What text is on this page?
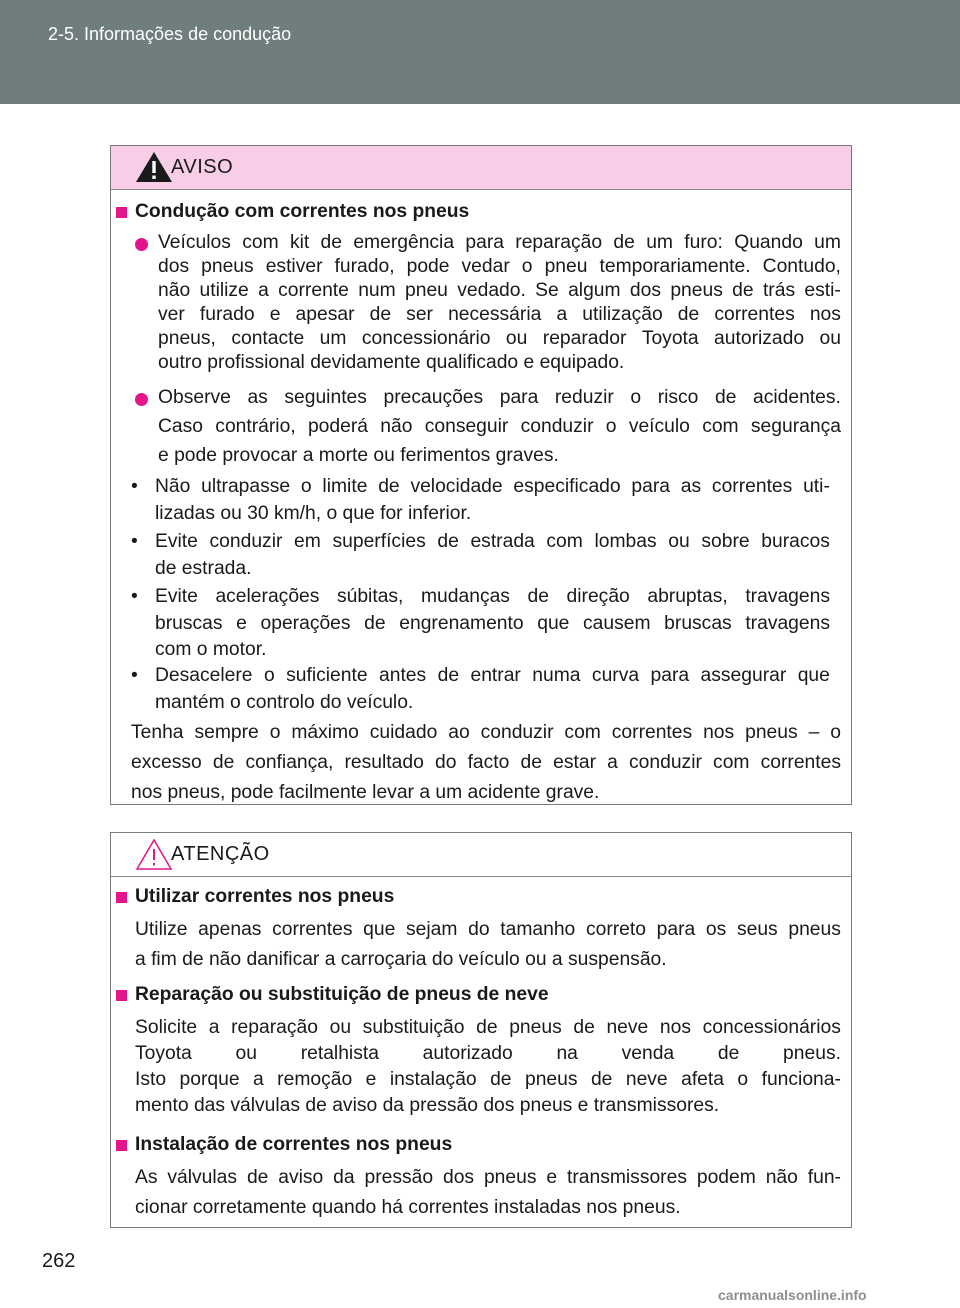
2-5. Informações de condução
AVISO
Condução com correntes nos pneus
Veículos com kit de emergência para reparação de um furo: Quando um
dos pneus estiver furado, pode vedar o pneu temporariamente. Contudo,
não utilize a corrente num pneu vedado. Se algum dos pneus de trás esti-
ver furado e apesar de ser necessária a utilização de correntes nos
pneus, contacte um concessionário ou reparador Toyota autorizado ou
outro profissional devidamente qualificado e equipado.
Observe as seguintes precauções para reduzir o risco de acidentes.
Caso contrário, poderá não conseguir conduzir o veículo com segurança
e pode provocar a morte ou ferimentos graves.
• Não ultrapasse o limite de velocidade especificado para as correntes uti-
lizadas ou 30 km/h, o que for inferior.
• Evite conduzir em superfícies de estrada com lombas ou sobre buracos
de estrada.
• Evite acelerações súbitas, mudanças de direção abruptas, travagens
bruscas e operações de engrenamento que causem bruscas travagens
com o motor.
• Desacelere o suficiente antes de entrar numa curva para assegurar que
mantém o controlo do veículo.
Tenha sempre o máximo cuidado ao conduzir com correntes nos pneus – o
excesso de confiança, resultado do facto de estar a conduzir com correntes
nos pneus, pode facilmente levar a um acidente grave.
ATENÇÃO
Utilizar correntes nos pneus
Utilize apenas correntes que sejam do tamanho correto para os seus pneus
a fim de não danificar a carroçaria do veículo ou a suspensão.
Reparação ou substituição de pneus de neve
Solicite a reparação ou substituição de pneus de neve nos concessionários
Toyota ou retalhista autorizado na venda de pneus.
Isto porque a remoção e instalação de pneus de neve afeta o funciona-
mento das válvulas de aviso da pressão dos pneus e transmissores.
Instalação de correntes nos pneus
As válvulas de aviso da pressão dos pneus e transmissores podem não fun-
cionar corretamente quando há correntes instaladas nos pneus.
262
carmanualsonline.info
